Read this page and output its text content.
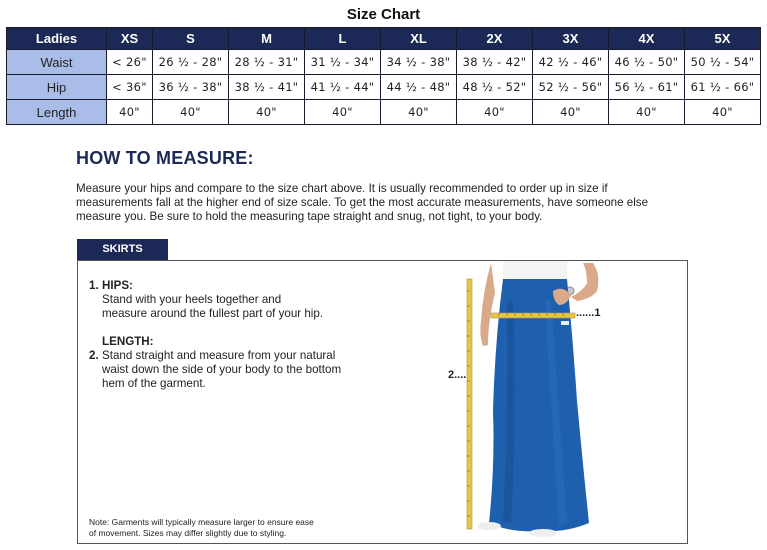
Size Chart
Ladies	XS	S	M	L	XL	2X	3X	4X	5X
Waist	< 26"	26 ½ - 28"	28 ½ - 31"	31 ½ - 34"	34 ½ - 38"	38 ½ - 42"	42 ½ - 46"	46 ½ - 50"	50 ½ - 54"
Hip	< 36"	36 ½ - 38"	38 ½ - 41"	41 ½ - 44"	44 ½ - 48"	48 ½ - 52"	52 ½ - 56"	56 ½ - 61"	61 ½ - 66"
Length	40"	40"	40"	40"	40"	40"	40"	40"	40"
HOW TO MEASURE:

Measure your hips and compare to the size chart above. It is usually recommended to order up in size if measurements fall at the higher end of size scale. To get the most accurate measurements, have someone else measure you. Be sure to hold the measuring tape straight and snug, not tight, to your body.

SKIRTS
1. HIPS:
Stand with your heels together and
measure around the fullest part of your hip.
LENGTH:
2. Stand straight and measure from your natural
waist down the side of your body to the bottom
hem of the garment.
Note: Garments will typically measure larger to ensure ease
of movement. Sizes may differ slightly due to styling.
......1
2....
